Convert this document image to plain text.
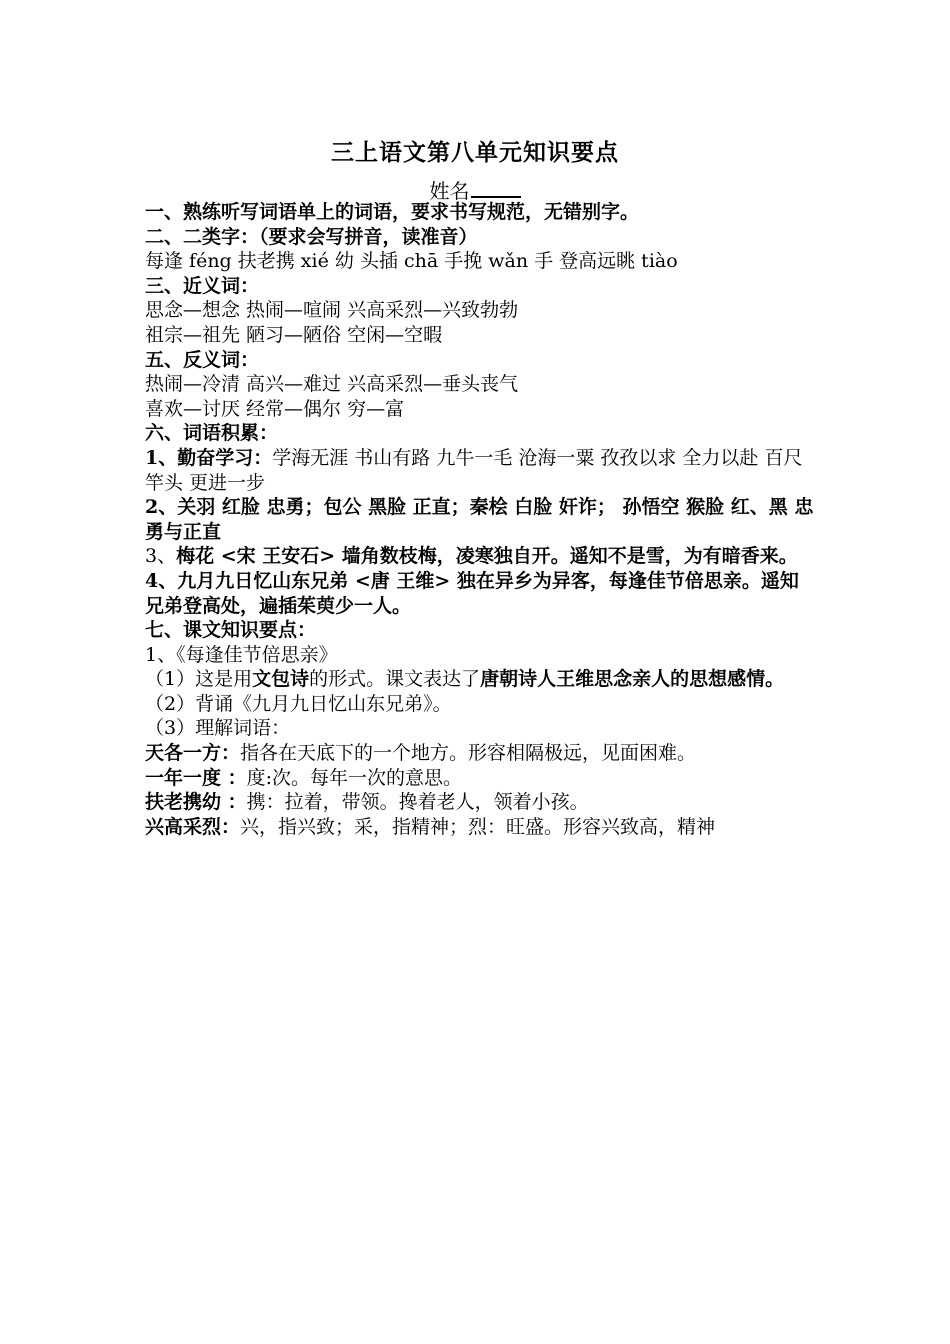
三上语文第八单元知识要点
姓名
一、熟练听写词语单上的词语，要求书写规范，无错别字。
二、二类字：（要求会写拼音，读准音）
每逢 féng 扶老携 xié 幼 头插 chā 手挽 wǎn 手 登高远眺 tiào
三、近义词：
思念—想念 热闹—喧闹 兴高采烈—兴致勃勃
祖宗—祖先 陋习—陋俗 空闲—空暇
五、反义词：
热闹—冷清 高兴—难过 兴高采烈—垂头丧气
喜欢—讨厌 经常—偶尔 穷—富
六、词语积累：
1、勤奋学习：学海无涯 书山有路 九牛一毛 沧海一粟 孜孜以求 全力以赴 百尺竿头 更进一步
2、关羽 红脸 忠勇；包公 黑脸 正直；秦桧 白脸 奸诈； 孙悟空 猴脸 红、黑 忠勇与正直
3、梅花 <宋 王安石> 墙角数枝梅，凌寒独自开。遥知不是雪，为有暗香来。
4、九月九日忆山东兄弟 <唐 王维> 独在异乡为异客，每逢佳节倍思亲。遥知兄弟登高处，遍插茱萸少一人。
七、课文知识要点：
1、《每逢佳节倍思亲》
（1）这是用文包诗的形式。课文表达了唐朝诗人王维思念亲人的思想感情。
（2）背诵《九月九日忆山东兄弟》。
（3）理解词语：
天各一方：指各在天底下的一个地方。形容相隔极远，见面困难。
一年一度 ：度:次。每年一次的意思。
扶老携幼 ：携：拉着，带领。搀着老人，领着小孩。
兴高采烈：兴，指兴致；采，指精神；烈：旺盛。形容兴致高，精神
